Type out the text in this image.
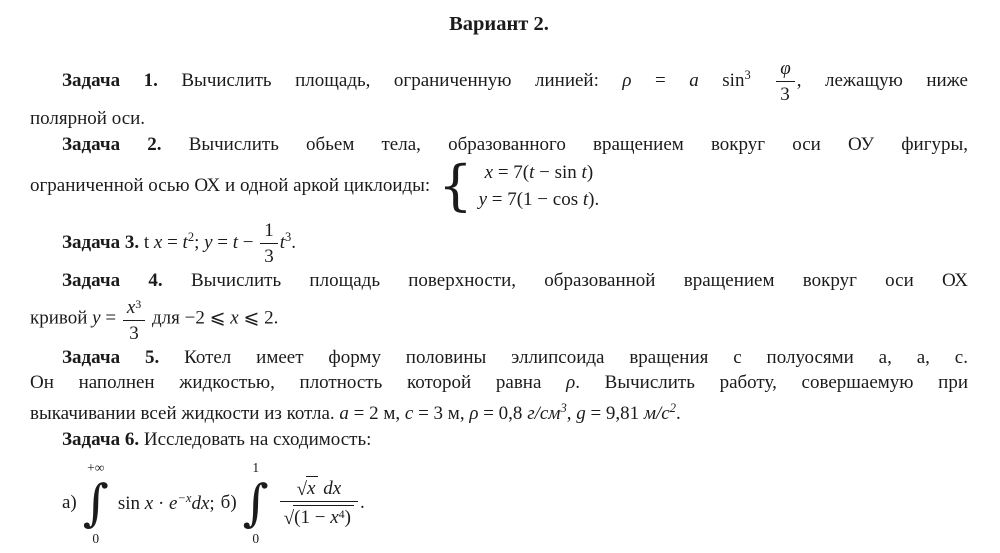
Вариант 2.
Задача 1. Вычислить площадь, ограниченную линией: ρ = a $\sin^3 \frac{\varphi}{3}$ , лежащую ниже
полярной оси.
Задача 2. Вычислить обьем тела, образованного вращением вокруг оси ОУ фигуры,
ограниченной осью ОХ и одной аркой циклоиды: { x = 7(t − sin t)
y = 7(1 − cos t).
Задача 3. t $x = t^2$; $y = t - \frac{1}{3} t^3$.
Задача 4. Вычислить площадь поверхности, образованной вращением вокруг оси ОХ
кривой $y = \frac{x^3}{3}$ для −2 ⩽ x ⩽ 2.
Задача 5. Котел имеет форму половины эллипсоида вращения с полуосями а, а, с.
Он наполнен жидкостью, плотность которой равна ρ. Вычислить работу, совершаемую при
выкачивании всей жидкости из котла. a = 2 м, c = 3 м, ρ = 0,8 $г/см^3$, g = 9,81 $м/с^2$.
Задача 6. Исследовать на сходимость:
а)
+∞
∫
0
$\sin x \cdot e^{-x}dx$; б)
1
∫
0
$\frac{\text{√x dx}}{√(1 - x^4)}$ .
